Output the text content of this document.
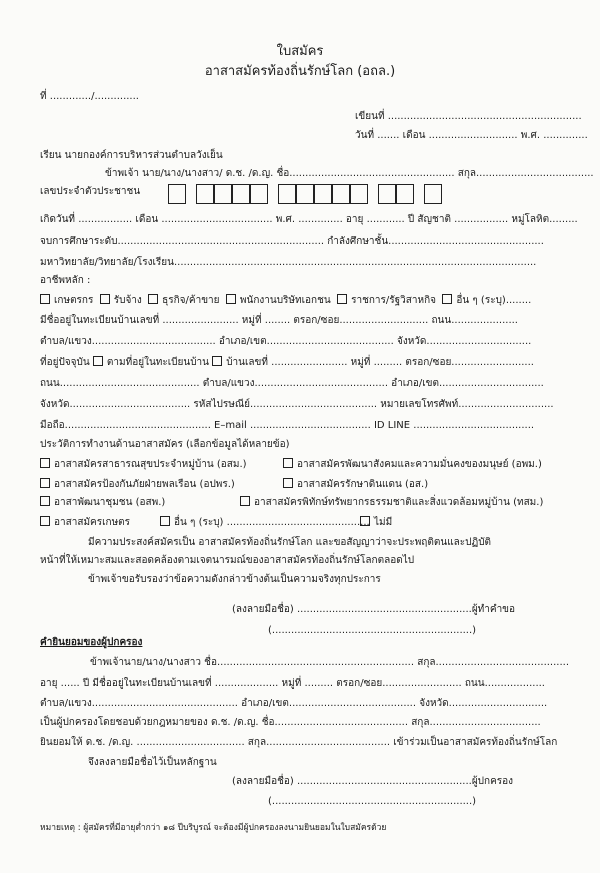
ใบสมัคร
อาสาสมัครท้องถิ่นรักษ์โลก (อถล.)
ที่ ............./..............
เขียนที่ .............................................................
วันที่ ....... เดือน ............................ พ.ศ. ..............
เรียน นายกองค์การบริหารส่วนตำบลวังเย็น
ข้าพเจ้า นาย/นาง/นางสาว/ ด.ช. /ด.ญ. ชื่อ.................................................... สกุล.....................................
เลขประจำตัวประชาชน
เกิดวันที่ ................. เดือน ................................... พ.ศ. .............. อายุ ............ ปี สัญชาติ ................. หมู่โลหิต.........
จบการศึกษาระดับ................................................................. กำลังศึกษาชั้น.................................................
มหาวิทยาลัย/วิทยาลัย/โรงเรียน..................................................................................................................
อาชีพหลัก :
เกษตรกร รับจ้าง ธุรกิจ/ค้าขาย พนักงานบริษัทเอกชน ราชการ/รัฐวิสาหกิจ อื่น ๆ (ระบุ)........
มีชื่ออยู่ในทะเบียนบ้านเลขที่ ........................ หมู่ที่ ........ ตรอก/ซอย............................ ถนน.....................
ตำบล/แขวง....................................... อำเภอ/เขต........................................ จังหวัด.................................
ที่อยู่ปัจจุบัน ตามที่อยู่ในทะเบียนบ้าน บ้านเลขที่ ........................ หมู่ที่ ......... ตรอก/ซอย..........................
ถนน............................................ ตำบล/แขวง.......................................... อำเภอ/เขต.................................
จังหวัด...................................... รหัสไปรษณีย์........................................ หมายเลขโทรศัพท์..............................
มือถือ.............................................. E–mail ...................................... ID LINE ......................................
ประวัติการทำงานด้านอาสาสมัคร (เลือกข้อมูลได้หลายข้อ)
อาสาสมัครสาธารณสุขประจำหมู่บ้าน (อสม.)	อาสาสมัครพัฒนาสังคมและความมั่นคงของมนุษย์ (อพม.)
อาสาสมัครป้องกันภัยฝ่ายพลเรือน (อปพร.)	อาสาสมัครรักษาดินแดน (อส.)
อาสาพัฒนาชุมชน (อสพ.)	อาสาสมัครพิทักษ์ทรัพยากรธรรมชาติและสิ่งแวดล้อมหมู่บ้าน (ทสม.)
อาสาสมัครเกษตร	อื่น ๆ (ระบุ) ............................................. ไม่มี
มีความประสงค์สมัครเป็น อาสาสมัครท้องถิ่นรักษ์โลก และขอสัญญาว่าจะประพฤติตนและปฏิบัติ
หน้าที่ให้เหมาะสมและสอดคล้องตามเจตนารมณ์ของอาสาสมัครท้องถิ่นรักษ์โลกตลอดไป
ข้าพเจ้าขอรับรองว่าข้อความดังกล่าวข้างต้นเป็นความจริงทุกประการ
(ลงลายมือชื่อ) .......................................................ผู้ทำคำขอ
(...............................................................)
คำยินยอมของผู้ปกครอง
ข้าพเจ้านาย/นาง/นางสาว ชื่อ.............................................................. สกุล..........................................
อายุ ...... ปี มีชื่ออยู่ในทะเบียนบ้านเลขที่ .................... หมู่ที่ ......... ตรอก/ซอย......................... ถนน...................
ตำบล/แขวง.............................................. อำเภอ/เขต........................................ จังหวัด...............................
เป็นผู้ปกครองโดยชอบด้วยกฎหมายของ ด.ช. /ด.ญ. ชื่อ.......................................... สกุล...................................
ยินยอมให้ ด.ช. /ด.ญ. .................................. สกุล....................................... เข้าร่วมเป็นอาสาสมัครท้องถิ่นรักษ์โลก
จึงลงลายมือชื่อไว้เป็นหลักฐาน
(ลงลายมือชื่อ) .......................................................ผู้ปกครอง
(...............................................................)
หมายเหตุ : ผู้สมัครที่มีอายุต่ำกว่า ๑๘ ปีบริบูรณ์ จะต้องมีผู้ปกครองลงนามยินยอมในใบสมัครด้วย
